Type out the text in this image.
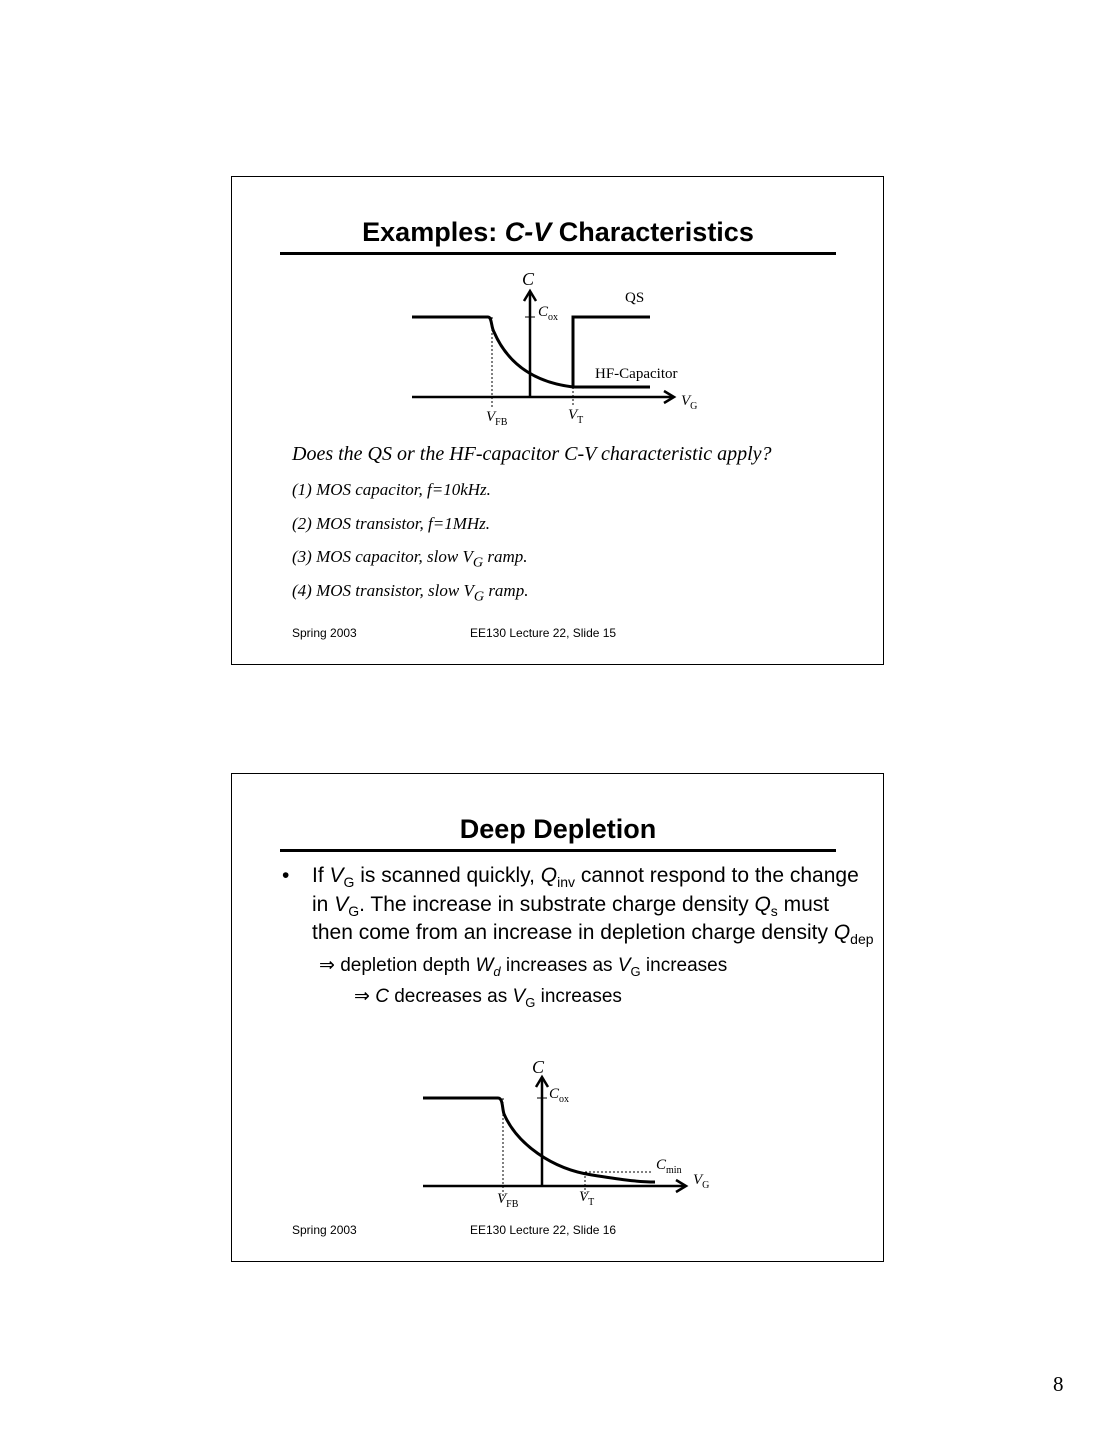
Examples: C-V Characteristics
C
$C_{ox}$
QS
HF-Capacitor
$V_G$
$V_{FB}$	$V_T$
Does the QS or the HF-capacitor C-V characteristic apply?
(1) MOS capacitor, f=10kHz.
(2) MOS transistor, f=1MHz.
(3) MOS capacitor, slow $V_G$ ramp.
(4) MOS transistor, slow $V_G$ ramp.
Spring 2003	EE130 Lecture 22, Slide 15
Deep Depletion
• If $V_G$ is scanned quickly, $Q_{inv}$ cannot respond to the change in $V_G$. The increase in substrate charge density $Q_s$ must then come from an increase in depletion charge density $Q_{dep}$
⇒ depletion depth $W_d$ increases as $V_G$ increases
⇒ C decreases as $V_G$ increases
C
$C_{ox}$
$C_{min}$
$V_G$
$V_{FB}$	$V_T$
Spring 2003	EE130 Lecture 22, Slide 16
8
